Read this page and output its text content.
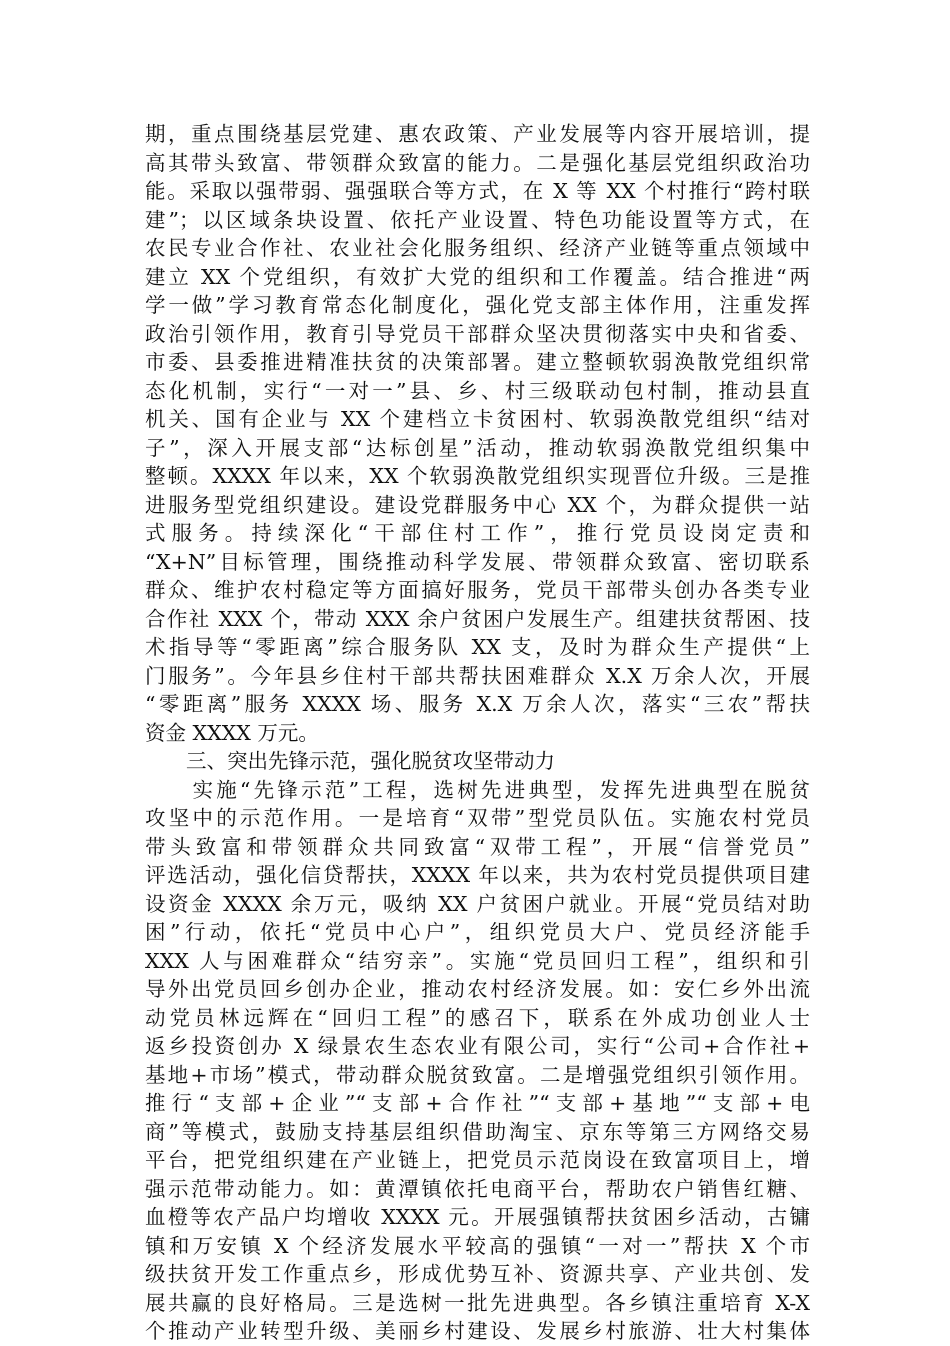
期，重点围绕基层党建、惠农政策、产业发展等内容开展培训，提
高其带头致富、带领群众致富的能力。二是强化基层党组织政治功
能。采取以强带弱、强强联合等方式，在 X 等 XX 个村推行“跨村联
建”；以区域条块设置、依托产业设置、特色功能设置等方式，在
农民专业合作社、农业社会化服务组织、经济产业链等重点领域中
建立 XX 个党组织，有效扩大党的组织和工作覆盖。结合推进“两
学一做”学习教育常态化制度化，强化党支部主体作用，注重发挥
政治引领作用，教育引导党员干部群众坚决贯彻落实中央和省委、
市委、县委推进精准扶贫的决策部署。建立整顿软弱涣散党组织常
态化机制，实行“一对一”县、乡、村三级联动包村制，推动县直
机关、国有企业与 XX 个建档立卡贫困村、软弱涣散党组织“结对
子”，深入开展支部“达标创星”活动，推动软弱涣散党组织集中
整顿。XXXX 年以来，XX 个软弱涣散党组织实现晋位升级。三是推
进服务型党组织建设。建设党群服务中心 XX 个，为群众提供一站
式服务。持续深化“干部住村工作”，推行党员设岗定责和
“X+N”目标管理，围绕推动科学发展、带领群众致富、密切联系
群众、维护农村稳定等方面搞好服务，党员干部带头创办各类专业
合作社 XXX 个，带动 XXX 余户贫困户发展生产。组建扶贫帮困、技
术指导等“零距离”综合服务队 XX 支，及时为群众生产提供“上
门服务”。今年县乡住村干部共帮扶困难群众 X.X 万余人次，开展
“零距离”服务 XXXX 场、服务 X.X 万余人次，落实“三农”帮扶
资金 XXXX 万元。
　　三、突出先锋示范，强化脱贫攻坚带动力
　　实施“先锋示范”工程，选树先进典型，发挥先进典型在脱贫
攻坚中的示范作用。一是培育“双带”型党员队伍。实施农村党员
带头致富和带领群众共同致富“双带工程”，开展“信誉党员”
评选活动，强化信贷帮扶，XXXX 年以来，共为农村党员提供项目建
设资金 XXXX 余万元，吸纳 XX 户贫困户就业。开展“党员结对助
困”行动，依托“党员中心户”，组织党员大户、党员经济能手
XXX 人与困难群众“结穷亲”。实施“党员回归工程”，组织和引
导外出党员回乡创办企业，推动农村经济发展。如：安仁乡外出流
动党员林远辉在“回归工程”的感召下，联系在外成功创业人士
返乡投资创办 X 绿景农生态农业有限公司，实行“公司+合作社+
基地+市场”模式，带动群众脱贫致富。二是增强党组织引领作用。
推行“支部+企业”“支部+合作社”“支部+基地”“支部+电
商”等模式，鼓励支持基层组织借助淘宝、京东等第三方网络交易
平台，把党组织建在产业链上，把党员示范岗设在致富项目上，增
强示范带动能力。如：黄潭镇依托电商平台，帮助农户销售红糖、
血橙等农产品户均增收 XXXX 元。开展强镇帮扶贫困乡活动，古镛
镇和万安镇 X 个经济发展水平较高的强镇“一对一”帮扶 X 个市
级扶贫开发工作重点乡，形成优势互补、资源共享、产业共创、发
展共赢的良好格局。三是选树一批先进典型。各乡镇注重培育 X-X
个推动产业转型升级、美丽乡村建设、发展乡村旅游、壮大村集体
